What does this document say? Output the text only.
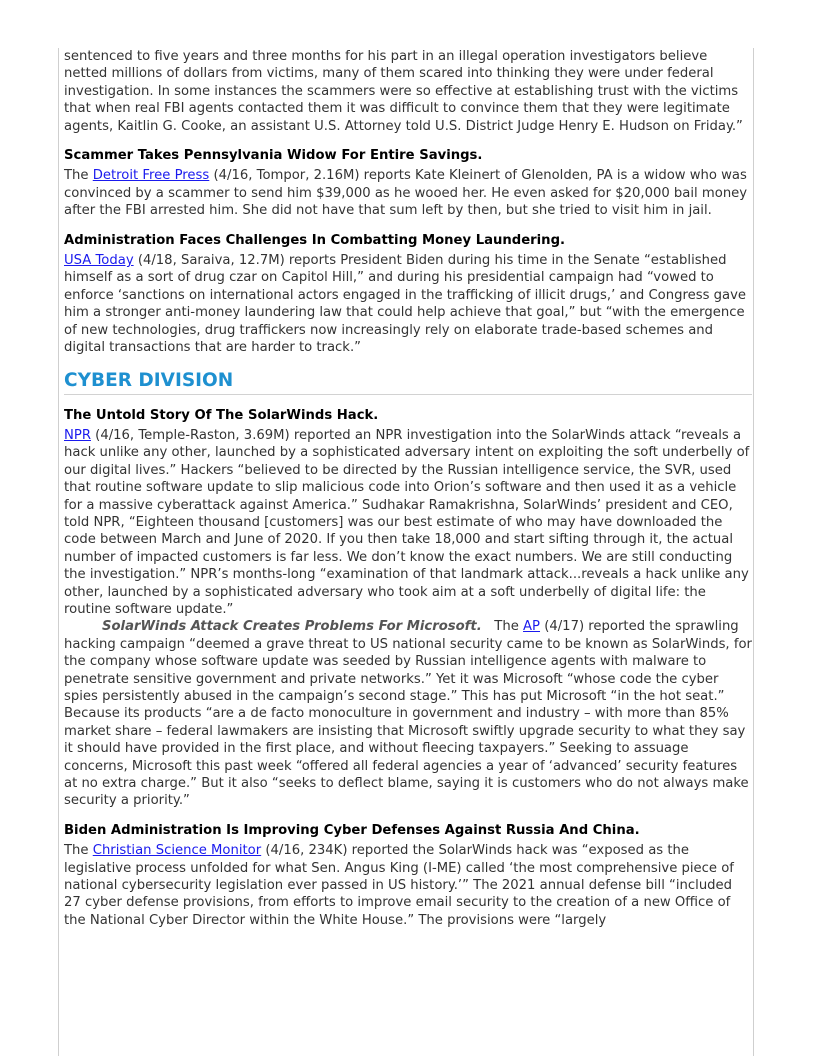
sentenced to five years and three months for his part in an illegal operation investigators believe netted millions of dollars from victims, many of them scared into thinking they were under federal investigation. In some instances the scammers were so effective at establishing trust with the victims that when real FBI agents contacted them it was difficult to convince them that they were legitimate agents, Kaitlin G. Cooke, an assistant U.S. Attorney told U.S. District Judge Henry E. Hudson on Friday.”

Scammer Takes Pennsylvania Widow For Entire Savings.

The Detroit Free Press (4/16, Tompor, 2.16M) reports Kate Kleinert of Glenolden, PA is a widow who was convinced by a scammer to send him $39,000 as he wooed her. He even asked for $20,000 bail money after the FBI arrested him. She did not have that sum left by then, but she tried to visit him in jail.

Administration Faces Challenges In Combatting Money Laundering.

USA Today (4/18, Saraiva, 12.7M) reports President Biden during his time in the Senate “established himself as a sort of drug czar on Capitol Hill,” and during his presidential campaign had “vowed to enforce ‘sanctions on international actors engaged in the trafficking of illicit drugs,’ and Congress gave him a stronger anti-money laundering law that could help achieve that goal,” but “with the emergence of new technologies, drug traffickers now increasingly rely on elaborate trade-based schemes and digital transactions that are harder to track.”

CYBER DIVISION
The Untold Story Of The SolarWinds Hack.

NPR (4/16, Temple-Raston, 3.69M) reported an NPR investigation into the SolarWinds attack “reveals a hack unlike any other, launched by a sophisticated adversary intent on exploiting the soft underbelly of our digital lives.” Hackers “believed to be directed by the Russian intelligence service, the SVR, used that routine software update to slip malicious code into Orion’s software and then used it as a vehicle for a massive cyberattack against America.” Sudhakar Ramakrishna, SolarWinds’ president and CEO, told NPR, “Eighteen thousand [customers] was our best estimate of who may have downloaded the code between March and June of 2020. If you then take 18,000 and start sifting through it, the actual number of impacted customers is far less. We don’t know the exact numbers. We are still conducting the investigation.” NPR’s months-long “examination of that landmark attack...reveals a hack unlike any other, launched by a sophisticated adversary who took aim at a soft underbelly of digital life: the routine software update.”

SolarWinds Attack Creates Problems For Microsoft.   The AP (4/17) reported the sprawling hacking campaign “deemed a grave threat to US national security came to be known as SolarWinds, for the company whose software update was seeded by Russian intelligence agents with malware to penetrate sensitive government and private networks.” Yet it was Microsoft “whose code the cyber spies persistently abused in the campaign’s second stage.” This has put Microsoft “in the hot seat.” Because its products “are a de facto monoculture in government and industry – with more than 85% market share – federal lawmakers are insisting that Microsoft swiftly upgrade security to what they say it should have provided in the first place, and without fleecing taxpayers.” Seeking to assuage concerns, Microsoft this past week “offered all federal agencies a year of ‘advanced’ security features at no extra charge.” But it also “seeks to deflect blame, saying it is customers who do not always make security a priority.”

Biden Administration Is Improving Cyber Defenses Against Russia And China.

The Christian Science Monitor (4/16, 234K) reported the SolarWinds hack was “exposed as the legislative process unfolded for what Sen. Angus King (I-ME) called ‘the most comprehensive piece of national cybersecurity legislation ever passed in US history.’” The 2021 annual defense bill “included 27 cyber defense provisions, from efforts to improve email security to the creation of a new Office of the National Cyber Director within the White House.” The provisions were “largely
